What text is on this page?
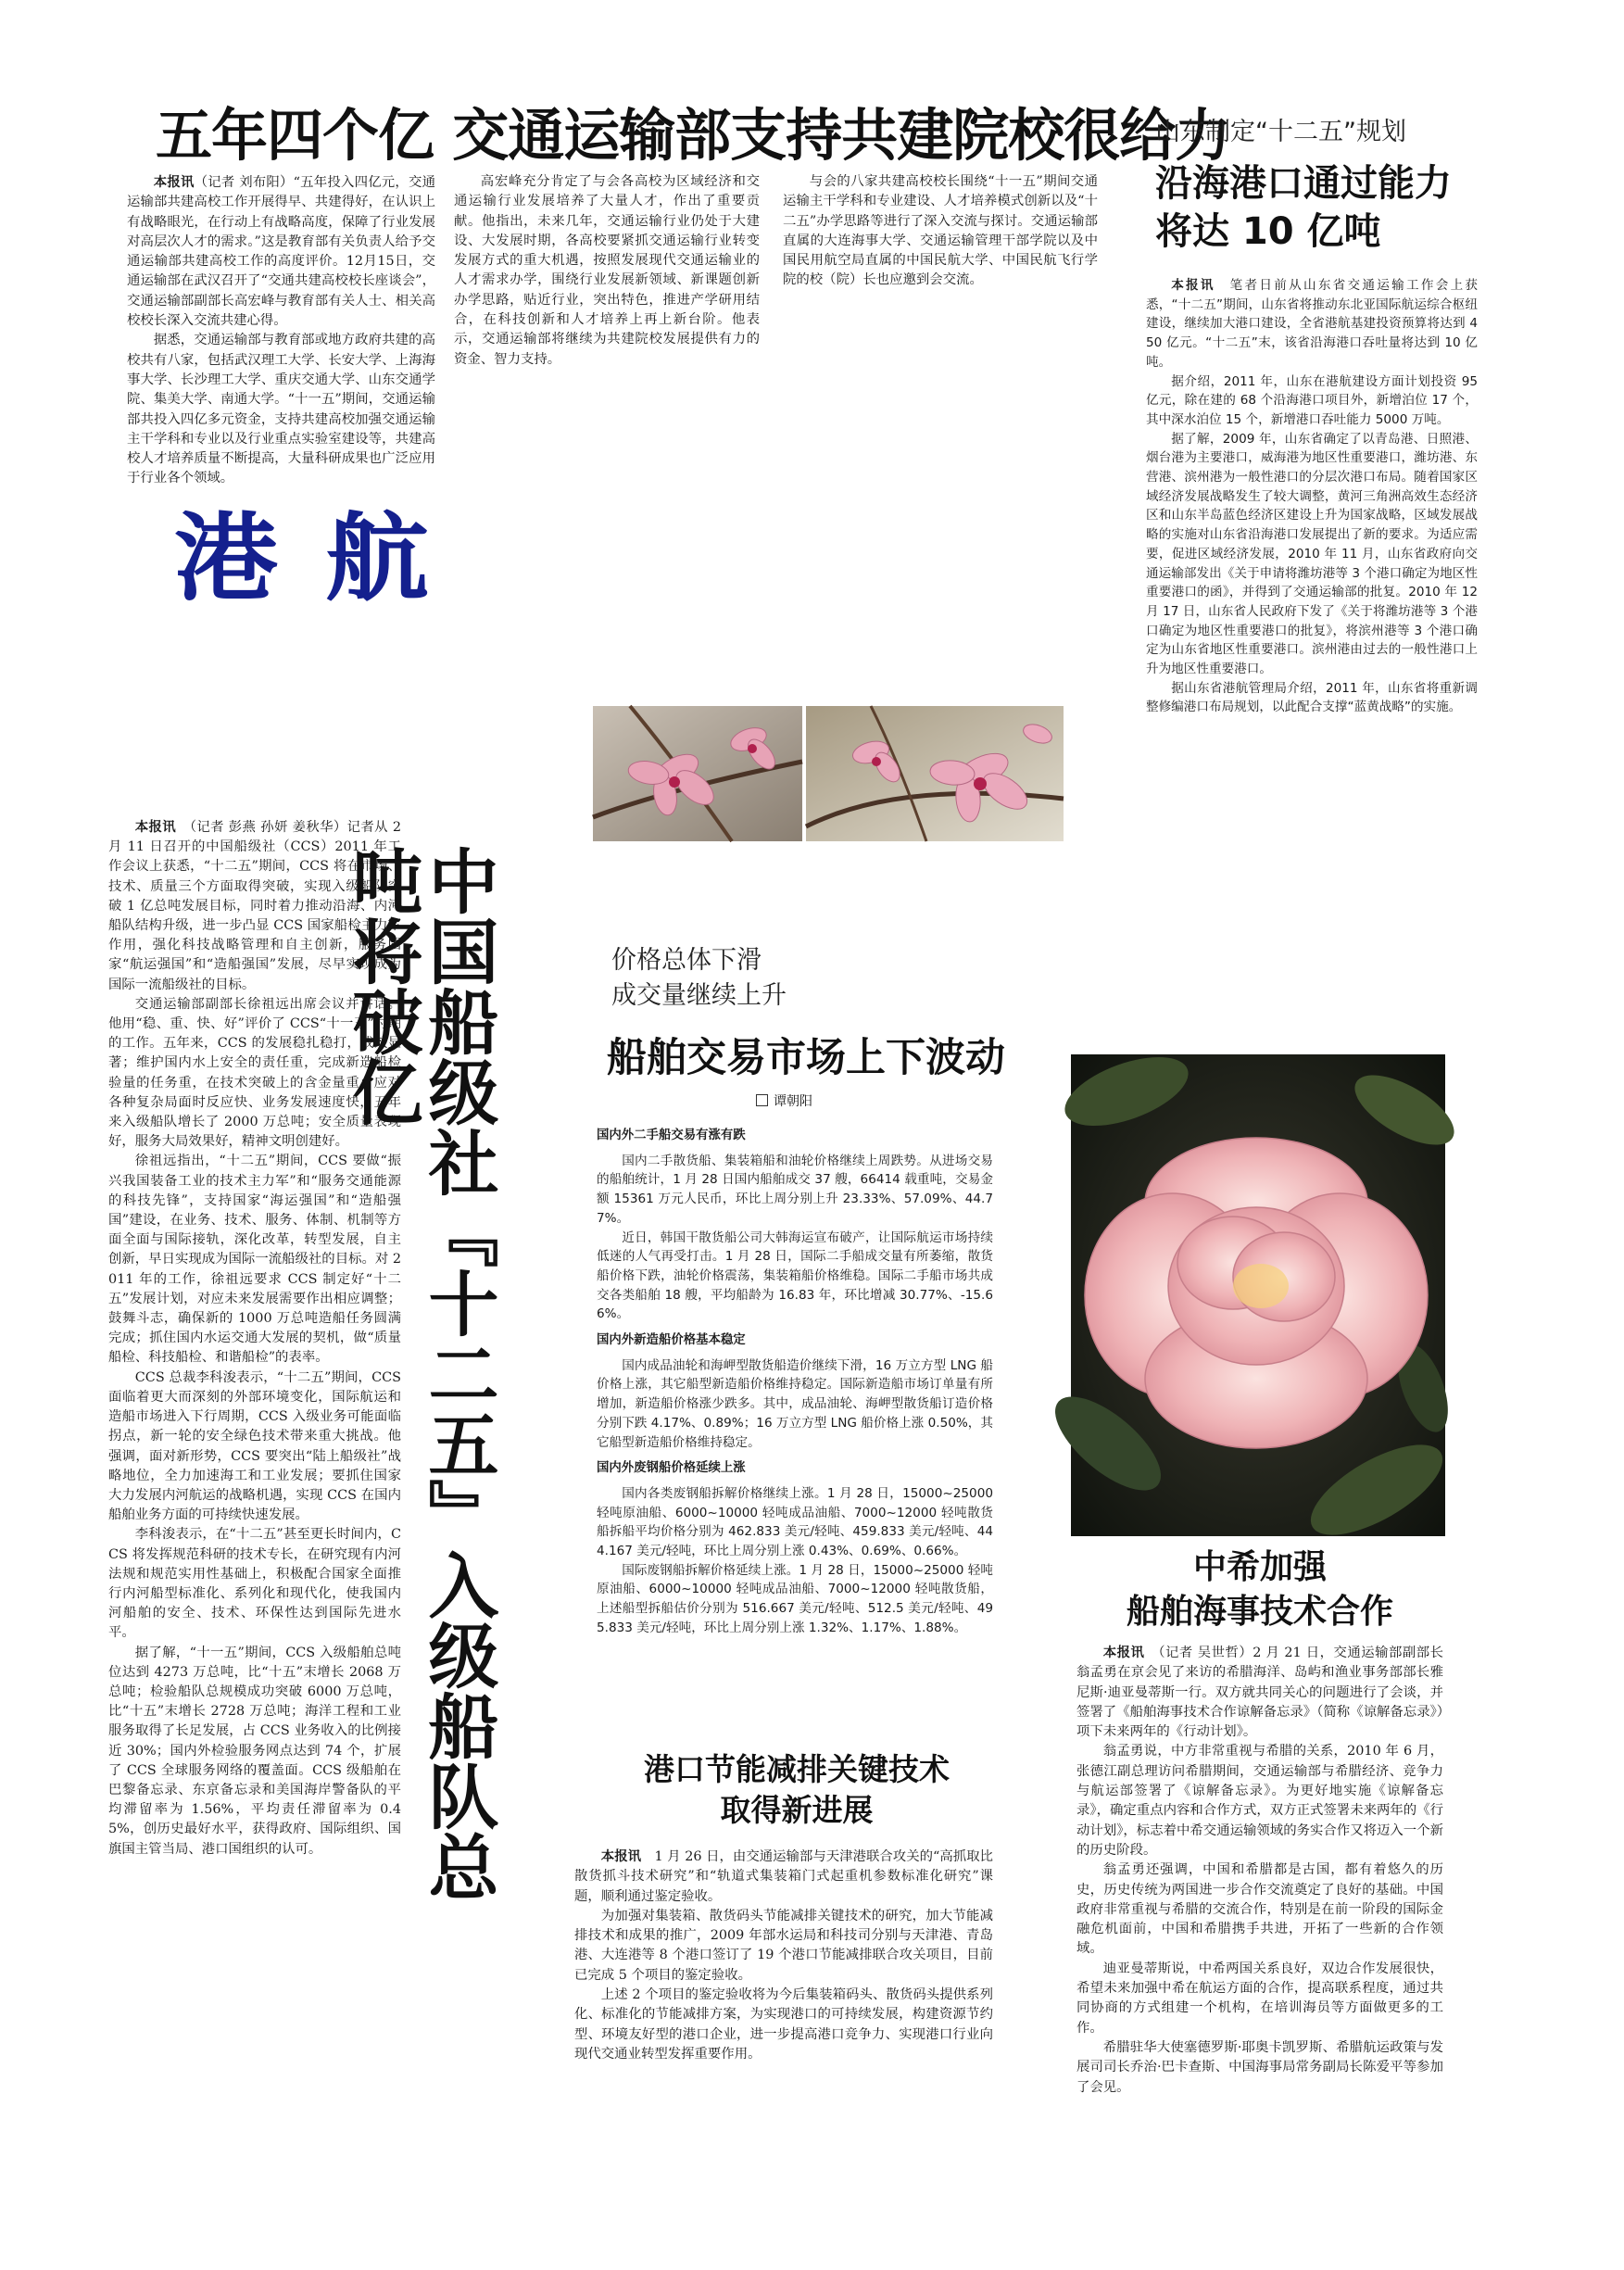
五年四个亿 交通运输部支持共建院校很给力

本报讯（记者 刘布阳）“五年投入四亿元，交通运输部共建高校工作开展得早、共建得好，在认识上有战略眼光，在行动上有战略高度，保障了行业发展对高层次人才的需求。”这是教育部有关负责人给予交通运输部共建高校工作的高度评价。12月15日，交通运输部在武汉召开了“交通共建高校校长座谈会”，交通运输部副部长高宏峰与教育部有关人士、相关高校校长深入交流共建心得。

据悉，交通运输部与教育部或地方政府共建的高校共有八家，包括武汉理工大学、长安大学、上海海事大学、长沙理工大学、重庆交通大学、山东交通学院、集美大学、南通大学。“十一五”期间，交通运输部共投入四亿多元资金，支持共建高校加强交通运输主干学科和专业以及行业重点实验室建设等，共建高校人才培养质量不断提高，大量科研成果也广泛应用于行业各个领域。

高宏峰充分肯定了与会各高校为区域经济和交通运输行业发展培养了大量人才，作出了重要贡献。他指出，未来几年，交通运输行业仍处于大建设、大发展时期，各高校要紧抓交通运输行业转变发展方式的重大机遇，按照发展现代交通运输业的人才需求办学，围绕行业发展新领域、新课题创新办学思路，贴近行业，突出特色，推进产学研用结合，在科技创新和人才培养上再上新台阶。他表示，交通运输部将继续为共建院校发展提供有力的资金、智力支持。

与会的八家共建高校校长围绕“十一五”期间交通运输主干学科和专业建设、人才培养模式创新以及“十二五”办学思路等进行了深入交流与探讨。交通运输部直属的大连海事大学、交通运输管理干部学院以及中国民用航空局直属的中国民航大学、中国民航飞行学院的校（院）长也应邀到会交流。

山东制定“十二五”规划
沿海港口通过能力
将达 10 亿吨

本报讯　 笔者日前从山东省交通运输工作会上获悉，“十二五”期间，山东省将推动东北亚国际航运综合枢纽建设，继续加大港口建设，全省港航基建投资预算将达到 450 亿元。“十二五”末，该省沿海港口吞吐量将达到 10 亿吨。

据介绍，2011 年，山东在港航建设方面计划投资 95 亿元，除在建的 68 个沿海港口项目外，新增泊位 17 个，其中深水泊位 15 个，新增港口吞吐能力 5000 万吨。

据了解，2009 年，山东省确定了以青岛港、日照港、烟台港为主要港口，威海港为地区性重要港口，潍坊港、东营港、滨州港为一般性港口的分层次港口布局。随着国家区域经济发展战略发生了较大调整，黄河三角洲高效生态经济区和山东半岛蓝色经济区建设上升为国家战略，区域发展战略的实施对山东省沿海港口发展提出了新的要求。为适应需要，促进区域经济发展，2010 年 11 月，山东省政府向交通运输部发出《关于申请将潍坊港等 3 个港口确定为地区性重要港口的函》，并得到了交通运输部的批复。2010 年 12 月 17 日，山东省人民政府下发了《关于将潍坊港等 3 个港口确定为地区性重要港口的批复》，将滨州港等 3 个港口确定为山东省地区性重要港口。滨州港由过去的一般性港口上升为地区性重要港口。

据山东省港航管理局介绍，2011 年，山东省将重新调整修编港口布局规划，以此配合支撑“蓝黄战略”的实施。

港 航

本报讯　 （记者 彭燕 孙妍 姜秋华）记者从 2 月 11 日召开的中国船级社（CCS）2011 年工作会议上获悉，“十二五”期间，CCS 将在市场、技术、质量三个方面取得突破，实现入级船队突破 1 亿总吨发展目标，同时着力推动沿海、内河船队结构升级，进一步凸显 CCS 国家船检主力军作用，强化科技战略管理和自主创新，服务国家“航运强国”和“造船强国”发展，尽早实现成为国际一流船级社的目标。

交通运输部副部长徐祖远出席会议并讲话。他用“稳、重、快、好”评价了 CCS“十一五”时期的工作。五年来，CCS 的发展稳扎稳打，成效显著；维护国内水上安全的责任重，完成新造船检验量的任务重，在技术突破上的含金量重；应对各种复杂局面时反应快、业务发展速度快，五年来入级船队增长了 2000 万总吨；安全质量表现好，服务大局效果好，精神文明创建好。

徐祖远指出，“十二五”期间，CCS 要做“振兴我国装备工业的技术主力军”和“服务交通能源的科技先锋”，支持国家“海运强国”和“造船强国”建设，在业务、技术、服务、体制、机制等方面全面与国际接轨，深化改革，转型发展，自主创新，早日实现成为国际一流船级社的目标。对 2011 年的工作，徐祖远要求 CCS 制定好“十二五”发展计划，对应未来发展需要作出相应调整；鼓舞斗志，确保新的 1000 万总吨造船任务圆满完成；抓住国内水运交通大发展的契机，做“质量船检、科技船检、和谐船检”的表率。

CCS 总裁李科浚表示，“十二五”期间，CCS 面临着更大而深刻的外部环境变化，国际航运和造船市场进入下行周期，CCS 入级业务可能面临拐点，新一轮的安全绿色技术带来重大挑战。他强调，面对新形势，CCS 要突出“陆上船级社”战略地位，全力加速海工和工业发展；要抓住国家大力发展内河航运的战略机遇，实现 CCS 在国内船舶业务方面的可持续快速发展。

李科浚表示，在“十二五”甚至更长时间内，CCS 将发挥规范科研的技术专长，在研究现有内河法规和规范实用性基础上，积极配合国家全面推行内河船型标准化、系列化和现代化，使我国内河船舶的安全、技术、环保性达到国际先进水平。

据了解，“十一五”期间，CCS 入级船舶总吨位达到 4273 万总吨，比“十五”末增长 2068 万总吨；检验船队总规模成功突破 6000 万总吨，比“十五”末增长 2728 万总吨；海洋工程和工业服务取得了长足发展，占 CCS 业务收入的比例接近 30%；国内外检验服务网点达到 74 个，扩展了 CCS 全球服务网络的覆盖面。CCS 级船舶在巴黎备忘录、东京备忘录和美国海岸警备队的平均滞留率为 1.56%，平均责任滞留率为 0.45%，创历史最好水平，获得政府、国际组织、国旗国主管当局、港口国组织的认可。	中国船级社『十二五』入级船队总吨将破亿	价格总体下滑
成交量继续上升
船舶交易市场上下波动
谭朝阳
国内外二手船交易有涨有跌

国内二手散货船、集装箱船和油轮价格继续上周跌势。从进场交易的船舶统计，1 月 28 日国内船舶成交 37 艘，66414 载重吨，交易金额 15361 万元人民币，环比上周分别上升 23.33%、57.09%、44.77%。

近日，韩国干散货船公司大韩海运宣布破产，让国际航运市场持续低迷的人气再受打击。1 月 28 日，国际二手船成交量有所萎缩，散货船价格下跌，油轮价格震荡，集装箱船价格维稳。国际二手船市场共成交各类船舶 18 艘，平均船龄为 16.83 年，环比增减 30.77%、-15.66%。

国内外新造船价格基本稳定

国内成品油轮和海岬型散货船造价继续下滑，16 万立方型 LNG 船价格上涨，其它船型新造船价格维持稳定。国际新造船市场订单量有所增加，新造船价格涨少跌多。其中，成品油轮、海岬型散货船订造价格分别下跌 4.17%、0.89%；16 万立方型 LNG 船价格上涨 0.50%，其它船型新造船价格维持稳定。

国内外废钢船价格延续上涨

国内各类废钢船拆解价格继续上涨。1 月 28 日，15000~25000 轻吨原油船、6000~10000 轻吨成品油船、7000~12000 轻吨散货船拆船平均价格分别为 462.833 美元/轻吨、459.833 美元/轻吨、444.167 美元/轻吨，环比上周分别上涨 0.43%、0.69%、0.66%。

国际废钢船拆解价格延续上涨。1 月 28 日，15000~25000 轻吨原油船、6000~10000 轻吨成品油船、7000~12000 轻吨散货船，上述船型拆船估价分别为 516.667 美元/轻吨、512.5 美元/轻吨、495.833 美元/轻吨，环比上周分别上涨 1.32%、1.17%、1.88%。

港口节能减排关键技术
取得新进展

本报讯　 1 月 26 日，由交通运输部与天津港联合攻关的“高抓取比散货抓斗技术研究”和“轨道式集装箱门式起重机参数标准化研究”课题，顺利通过鉴定验收。

为加强对集装箱、散货码头节能减排关键技术的研究，加大节能减排技术和成果的推广，2009 年部水运局和科技司分别与天津港、青岛港、大连港等 8 个港口签订了 19 个港口节能减排联合攻关项目，目前已完成 5 个项目的鉴定验收。

上述 2 个项目的鉴定验收将为今后集装箱码头、散货码头提供系列化、标准化的节能减排方案，为实现港口的可持续发展，构建资源节约型、环境友好型的港口企业，进一步提高港口竞争力、实现港口行业向现代交通业转型发挥重要作用。

中希加强
船舶海事技术合作

本报讯　 （记者 吴世哲）2 月 21 日，交通运输部副部长翁孟勇在京会见了来访的希腊海洋、岛屿和渔业事务部部长雅尼斯·迪亚曼蒂斯一行。双方就共同关心的问题进行了会谈，并签署了《船舶海事技术合作谅解备忘录》（简称《谅解备忘录》）项下未来两年的《行动计划》。

翁孟勇说，中方非常重视与希腊的关系，2010 年 6 月，张德江副总理访问希腊期间，交通运输部与希腊经济、竞争力与航运部签署了《谅解备忘录》。为更好地实施《谅解备忘录》，确定重点内容和合作方式，双方正式签署未来两年的《行动计划》，标志着中希交通运输领域的务实合作又将迈入一个新的历史阶段。

翁孟勇还强调，中国和希腊都是古国，都有着悠久的历史，历史传统为两国进一步合作交流奠定了良好的基础。中国政府非常重视与希腊的交流合作，特别是在前一阶段的国际金融危机面前，中国和希腊携手共进，开拓了一些新的合作领域。

迪亚曼蒂斯说，中希两国关系良好，双边合作发展很快，希望未来加强中希在航运方面的合作，提高联系程度，通过共同协商的方式组建一个机构，在培训海员等方面做更多的工作。

希腊驻华大使塞德罗斯·耶奥卡凯罗斯、希腊航运政策与发展司司长乔治·巴卡查斯、中国海事局常务副局长陈爱平等参加了会见。
